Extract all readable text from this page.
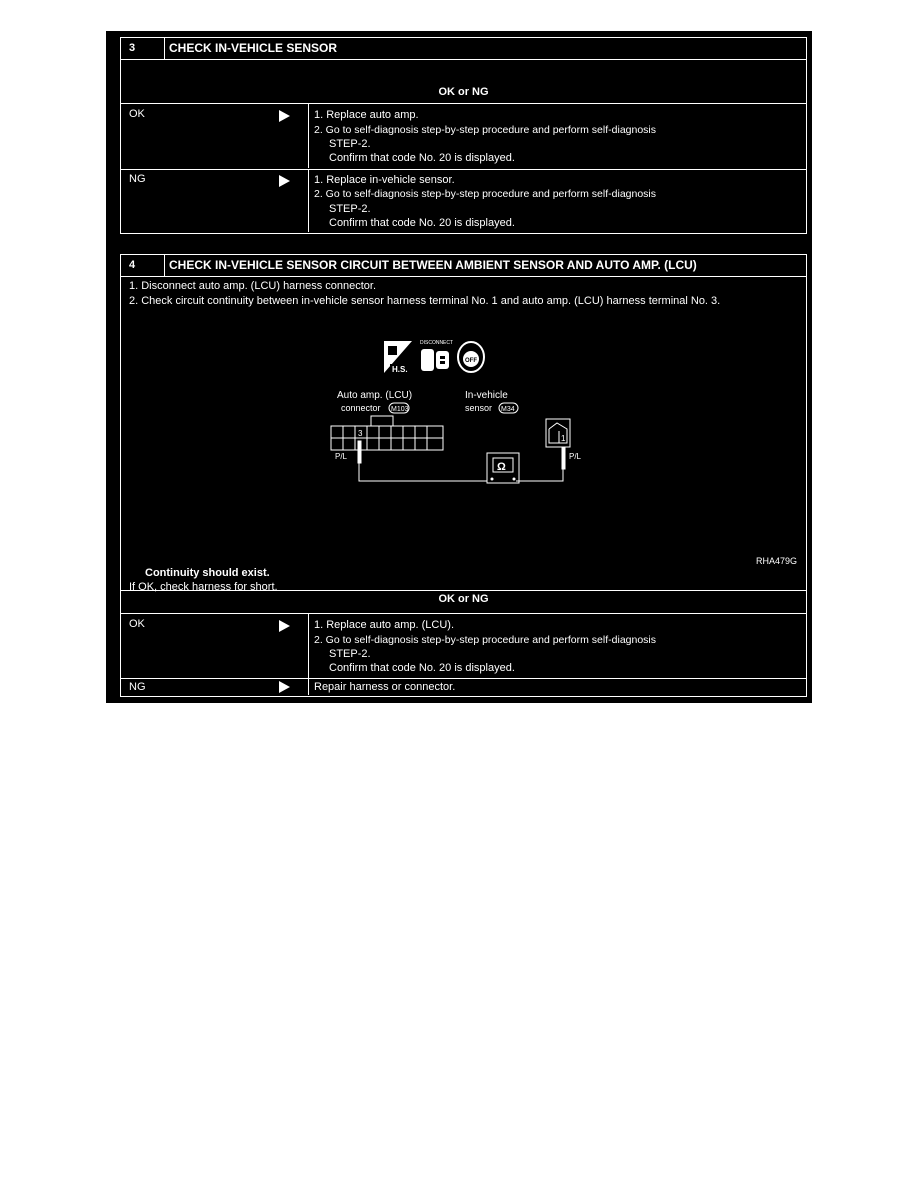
3	CHECK IN-VEHICLE SENSOR
OK or NG
OK	1. Replace auto amp.
2. Go to self-diagnosis step-by-step procedure and perform self-diagnosis
STEP-2.
Confirm that code No. 20 is displayed.
NG	1. Replace in-vehicle sensor.
2. Go to self-diagnosis step-by-step procedure and perform self-diagnosis
STEP-2.
Confirm that code No. 20 is displayed.
4	CHECK IN-VEHICLE SENSOR CIRCUIT BETWEEN AMBIENT SENSOR AND AUTO AMP. (LCU)
1. Disconnect auto amp. (LCU) harness connector.
2. Check circuit continuity between in-vehicle sensor harness terminal No. 1 and auto amp. (LCU) harness terminal No. 3.
H.S.
DISCONNECT
OFF
Auto amp. (LCU)
connector M103
In-vehicle
sensor M34
3
1
Ω
P/L	P/L
RHA479G
Continuity should exist.
If OK, check harness for short.
OK or NG
OK	1. Replace auto amp. (LCU).
2. Go to self-diagnosis step-by-step procedure and perform self-diagnosis
STEP-2.
Confirm that code No. 20 is displayed.
NG	Repair harness or connector.
